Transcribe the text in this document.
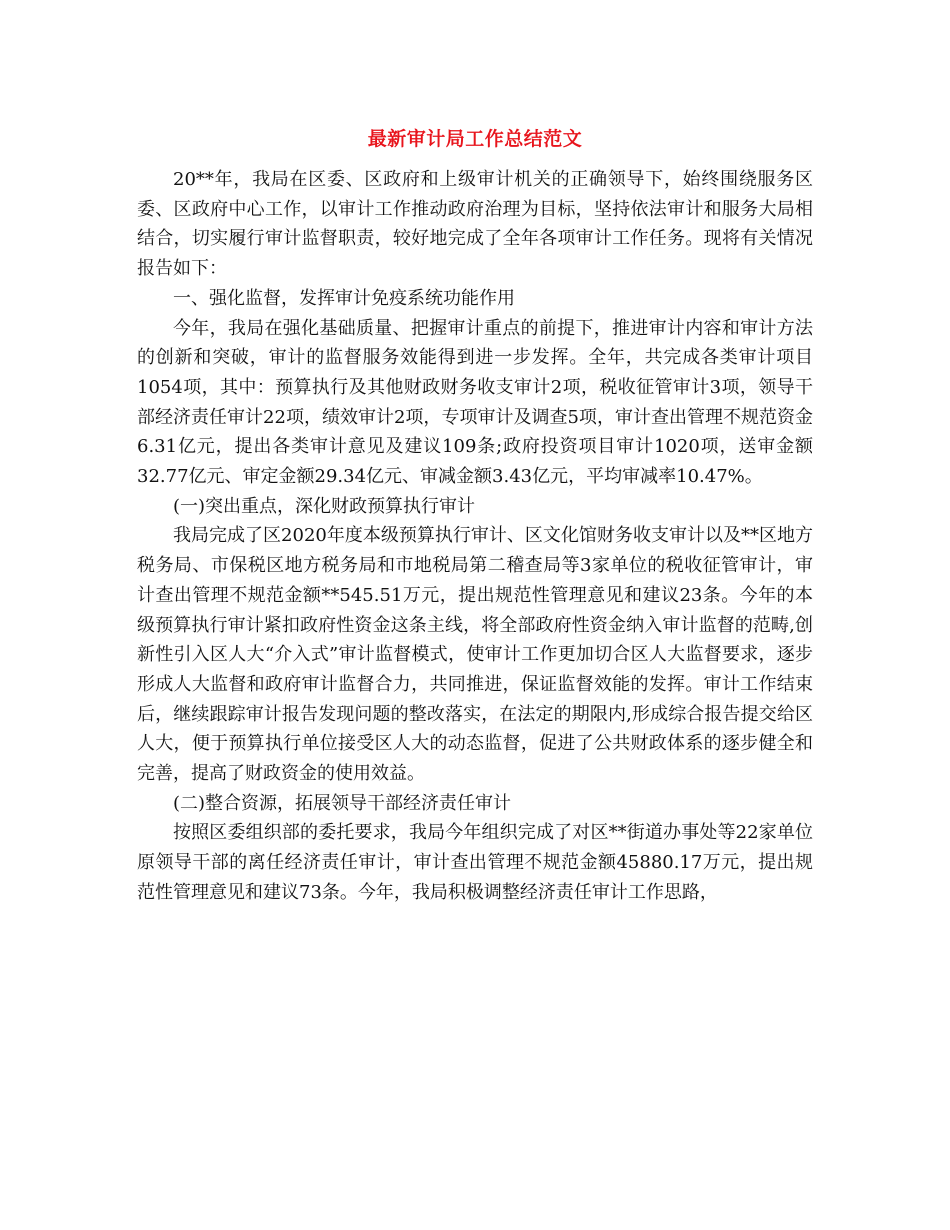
最新审计局工作总结范文

20**年，我局在区委、区政府和上级审计机关的正确领导下，始终围绕服务区委、区政府中心工作，以审计工作推动政府治理为目标，坚持依法审计和服务大局相结合，切实履行审计监督职责，较好地完成了全年各项审计工作任务。现将有关情况报告如下：

一、强化监督，发挥审计免疫系统功能作用

今年，我局在强化基础质量、把握审计重点的前提下，推进审计内容和审计方法的创新和突破，审计的监督服务效能得到进一步发挥。全年，共完成各类审计项目1054项，其中：预算执行及其他财政财务收支审计2项，税收征管审计3项，领导干部经济责任审计22项，绩效审计2项，专项审计及调查5项，审计查出管理不规范资金6.31亿元，提出各类审计意见及建议109条;政府投资项目审计1020项，送审金额32.77亿元、审定金额29.34亿元、审减金额3.43亿元，平均审减率10.47%。

(一)突出重点，深化财政预算执行审计

我局完成了区2020年度本级预算执行审计、区文化馆财务收支审计以及**区地方税务局、市保税区地方税务局和市地税局第二稽查局等3家单位的税收征管审计，审计查出管理不规范金额**545.51万元，提出规范性管理意见和建议23条。今年的本级预算执行审计紧扣政府性资金这条主线，将全部政府性资金纳入审计监督的范畴,创新性引入区人大“介入式”审计监督模式，使审计工作更加切合区人大监督要求，逐步形成人大监督和政府审计监督合力，共同推进，保证监督效能的发挥。审计工作结束后，继续跟踪审计报告发现问题的整改落实，在法定的期限内,形成综合报告提交给区人大，便于预算执行单位接受区人大的动态监督，促进了公共财政体系的逐步健全和完善，提高了财政资金的使用效益。

(二)整合资源，拓展领导干部经济责任审计

按照区委组织部的委托要求，我局今年组织完成了对区**街道办事处等22家单位原领导干部的离任经济责任审计，审计查出管理不规范金额45880.17万元，提出规范性管理意见和建议73条。今年，我局积极调整经济责任审计工作思路，
